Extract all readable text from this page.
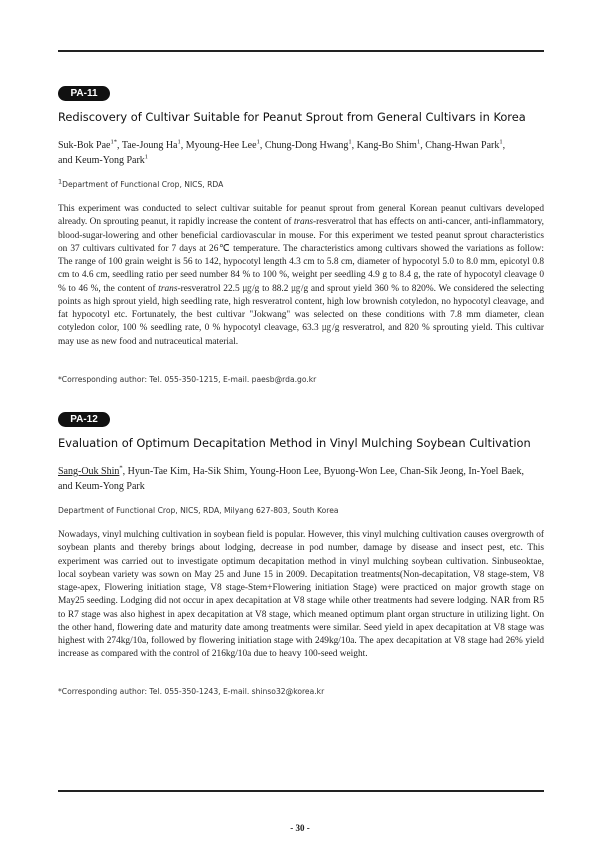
PA-11
Rediscovery of Cultivar Suitable for Peanut Sprout from General Cultivars in Korea
Suk-Bok Pae$^{1*}$, Tae-Joung Ha$^1$, Myoung-Hee Lee$^1$, Chung-Dong Hwang$^1$, Kang-Bo Shim$^1$, Chang-Hwan Park$^1$,
and Keum-Yong Park$^1$
$^1$Department of Functional Crop, NICS, RDA
This experiment was conducted to select cultivar suitable for peanut sprout from general Korean peanut cultivars developed already. On sprouting peanut, it rapidly increase the content of trans-resveratrol that has effects on anti-cancer, anti-inflammatory, blood-sugar-lowering and other beneficial cardiovascular in mouse. For this experiment we tested peanut sprout characteristics on 37 cultivars cultivated for 7 days at 26℃ temperature. The characteristics among cultivars showed the variations as follow: The range of 100 grain weight is 56 to 142, hypocotyl length 4.3 cm to 5.8 cm, diameter of hypocotyl 5.0 to 8.0 mm, epicotyl 0.8 cm to 4.6 cm, seedling ratio per seed number 84 % to 100 %, weight per seedling 4.9 g to 8.4 g, the rate of hypocotyl cleavage 0 % to 46 %, the content of trans-resveratrol 22.5 ㎍/g to 88.2 ㎍/g and sprout yield 360 % to 820%. We considered the selecting points as high sprout yield, high seedling rate, high resveratrol content, high low brownish cotyledon, no hypocotyl cleavage, and fat hypocotyl etc. Fortunately, the best cultivar "Jokwang" was selected on these conditions with 7.8 mm diameter, clean cotyledon color, 100 % seedling rate, 0 % hypocotyl cleavage, 63.3 ㎍/g resveratrol, and 820 % sprouting yield. This cultivar may use as new food and nutraceutical material.
*Corresponding author: Tel. 055-350-1215, E-mail. paesb@rda.go.kr
PA-12
Evaluation of Optimum Decapitation Method in Vinyl Mulching Soybean Cultivation
Sang-Ouk Shin*, Hyun-Tae Kim, Ha-Sik Shim, Young-Hoon Lee, Byuong-Won Lee, Chan-Sik Jeong, In-Yoel Baek,
and Keum-Yong Park
Department of Functional Crop, NICS, RDA, Milyang 627-803, South Korea
Nowadays, vinyl mulching cultivation in soybean field is popular. However, this vinyl mulching cultivation causes overgrowth of soybean plants and thereby brings about lodging, decrease in pod number, damage by disease and insect pest, etc. This experiment was carried out to investigate optimum decapitation method in vinyl mulching soybean cultivation. Sinbuseoktae, local soybean variety was sown on May 25 and June 15 in 2009. Decapitation treatments(Non-decapitation, V8 stage-stem, V8 stage-apex, Flowering initiation stage, V8 stage-Stem+Flowering initiation Stage) were practiced on major growth stage on May25 seeding. Lodging did not occur in apex decapitation at V8 stage while other treatments had severe lodging. NAR from R5 to R7 stage was also highest in apex decapitation at V8 stage, which meaned optimum plant organ structure in utilizing light. On the other hand, flowering date and maturity date among treatments were similar. Seed yield in apex decapitation at V8 stage was highest with 274kg/10a, followed by flowering initiation stage with 249kg/10a. The apex decapitation at V8 stage had 26% yield increase as compared with the control of 216kg/10a due to heavy 100-seed weight.
*Corresponding author: Tel. 055-350-1243, E-mail. shinso32@korea.kr
- 30 -
